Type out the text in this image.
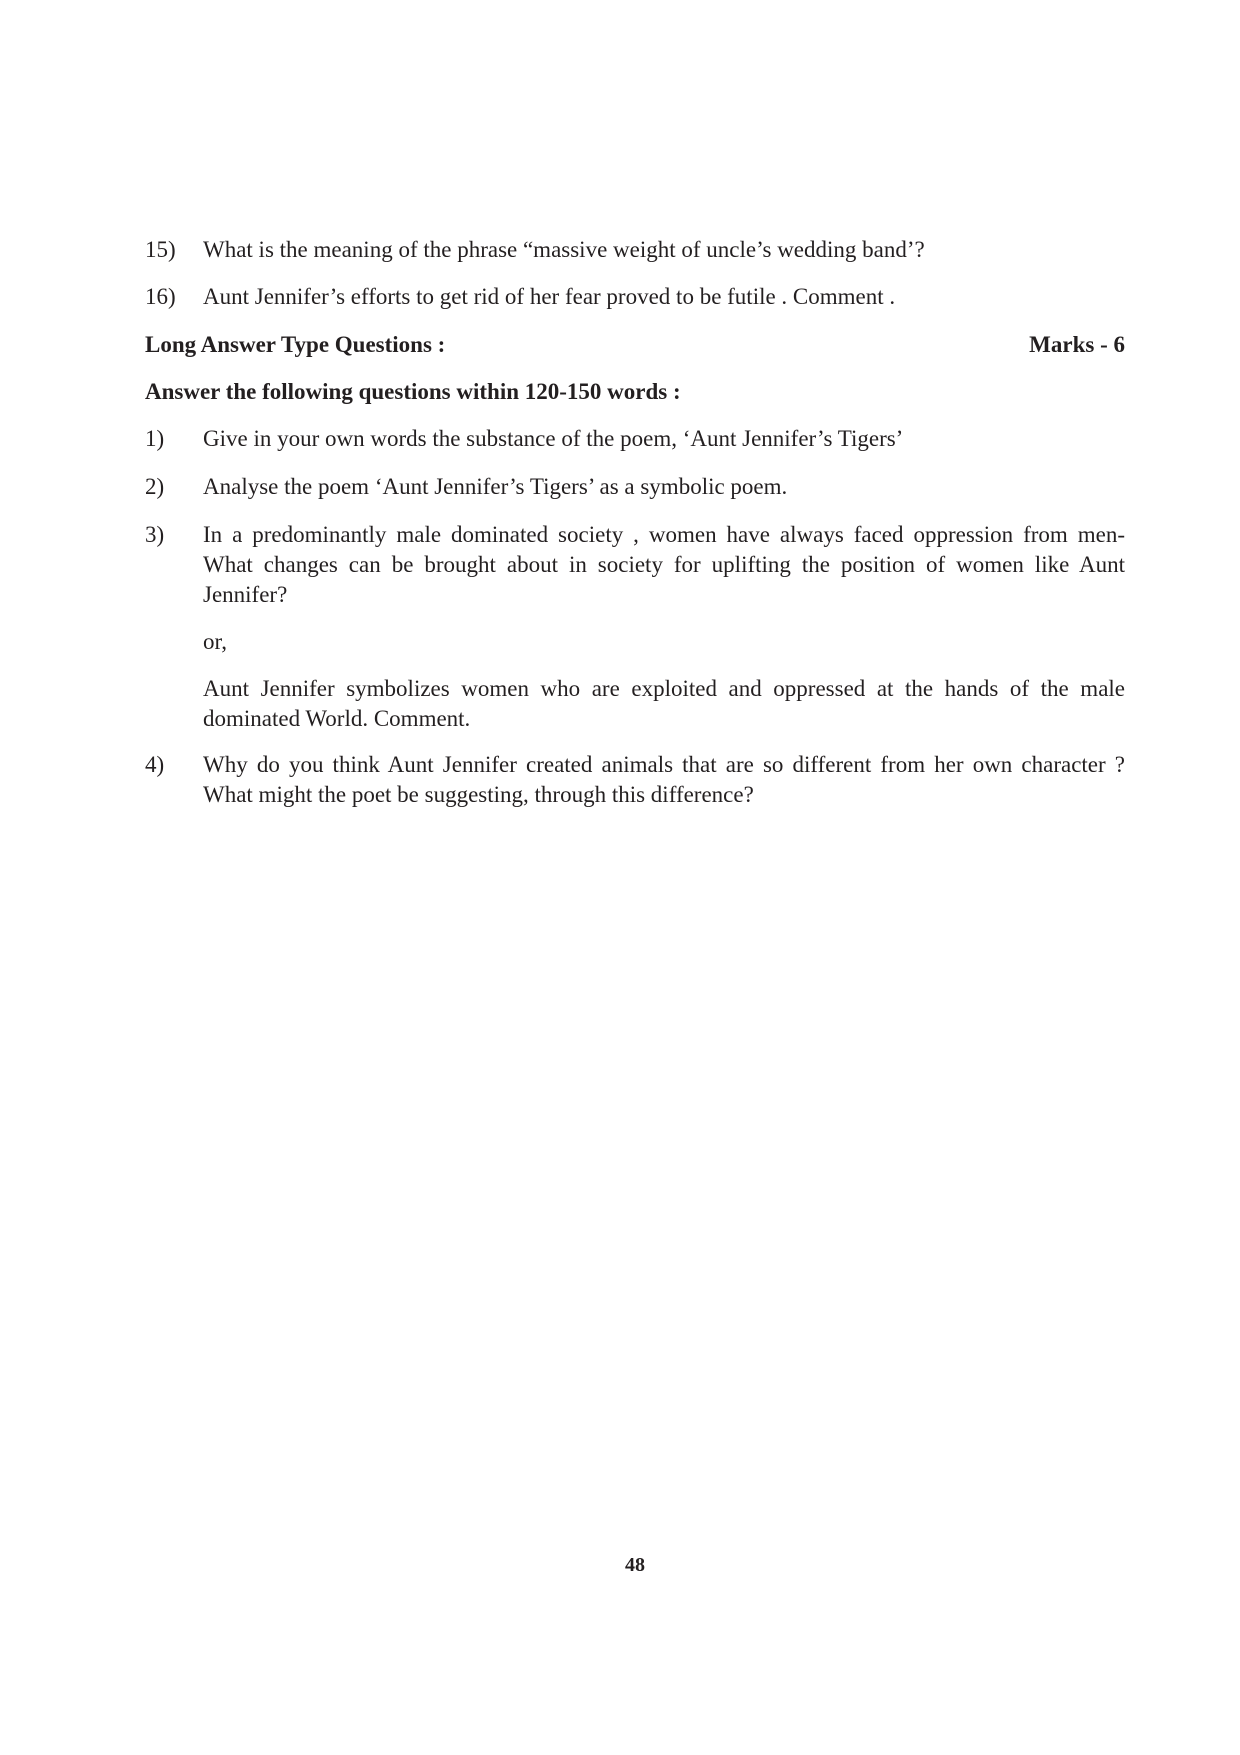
15) What is the meaning of the phrase “massive weight of uncle’s wedding band’?
16) Aunt Jennifer’s efforts to get rid of her fear proved to be futile . Comment .
Long Answer Type Questions :	Marks - 6
Answer the following questions within 120-150 words :
1) Give in your own words the substance of the poem, ‘Aunt Jennifer’s Tigers’
2) Analyse the poem ‘Aunt Jennifer’s Tigers’ as a symbolic poem.
3) In a predominantly male dominated society , women have always faced oppression from men- What changes can be brought about in society for uplifting the position of women like Aunt Jennifer?

or,

Aunt Jennifer symbolizes women who are exploited and oppressed at the hands of the male dominated World. Comment.

4) Why do you think Aunt Jennifer created animals that are so different from her own character ? What might the poet be suggesting, through this difference?
48
